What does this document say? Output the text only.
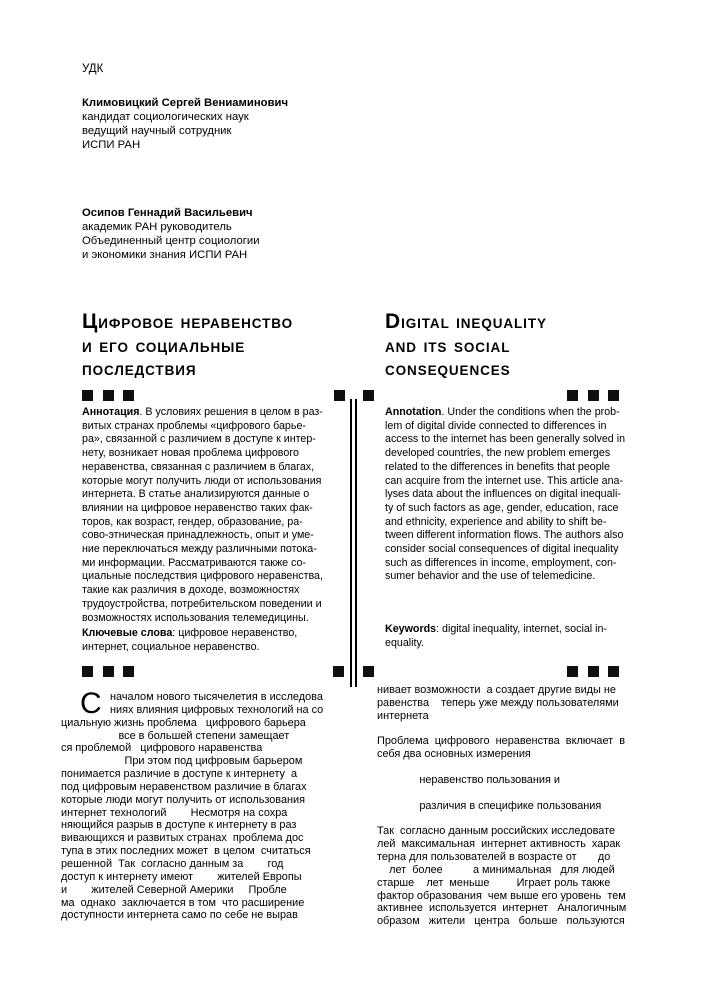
УДК
Климовицкий Сергей Вениаминович
кандидат социологических наук
ведущий научный сотрудник
ИСПИ РАН
Осипов Геннадий Васильевич
академик РАН руководитель
Объединенный центр социологии
и экономики знания ИСПИ РАН
ЦИФРОВОЕ НЕРАВЕНСТВО
И ЕГО СОЦИАЛЬНЫЕ
ПОСЛЕДСТВИЯ
DIGITAL INEQUALITY
AND ITS SOCIAL
CONSEQUENCES
Аннотация. В условиях решения в целом в раз-
витых странах проблемы «цифрового барье-
ра», связанной с различием в доступе к интер-
нету, возникает новая проблема цифрового
неравенства, связанная с различием в благах,
которые могут получить люди от использования
интернета. В статье анализируются данные о
влиянии на цифровое неравенство таких фак-
торов, как возраст, гендер, образование, ра-
сово-этническая принадлежность, опыт и уме-
ние переключаться между различными потока-
ми информации. Рассматриваются также со-
циальные последствия цифрового неравенства,
такие как различия в доходе, возможностях
трудоустройства, потребительском поведении и
возможностях использования телемедицины.
Annotation. Under the conditions when the prob-
lem of digital divide connected to differences in
access to the internet has been generally solved in
developed countries, the new problem emerges
related to the differences in benefits that people
can acquire from the internet use. This article ana-
lyses data about the influences on digital inequali-
ty of such factors as age, gender, education, race
and ethnicity, experience and ability to shift be-
tween different information flows. The authors also
consider social consequences of digital inequality
such as differences in income, employment, con-
sumer behavior and the use of telemedicine.
Ключевые слова: цифровое неравенство,
интернет, социальное неравенство.
Keywords: digital inequality, internet, social in-
equality.
С началом нового тысячелетия в исследова
ниях влияния цифровых технологий на со
циальную жизнь проблема   цифрового барьера
все в большей степени замещает
ся проблемой   цифрового наравенства
При этом под цифровым барьером
понимается различие в доступе к интернету  а
под цифровым неравенством различие в благах
которые люди могут получить от использования
интернет технологий        Несмотря на сохра
няющийся разрыв в доступе к интернету в раз
вивающихся и развитых странах  проблема дос
тупа в этих последних может  в целом  считаться
решенной  Так  согласно данным за        год
доступ к интернету имеют        жителей Европы
и        жителей Северной Америки     Пробле
ма  однако  заключается в том  что расширение
доступности интернета само по себе не вырав
нивает возможности  а создает другие виды не
равенства    теперь уже между пользователями
интернета

Проблема  цифрового  неравенства  включает  в
себя два основных измерения

неравенство пользования и

различия в специфике пользования

Так  согласно данным российских исследовате
лей  максимальная  интернет активность  харак
терна для пользователей в возрасте от       до
лет  более          а минимальная   для людей
старше    лет  меньше         Играет роль также
фактор образования  чем выше его уровень  тем
активнее  используется  интернет   Аналогичным
образом   жители   центра   больше   пользуются
